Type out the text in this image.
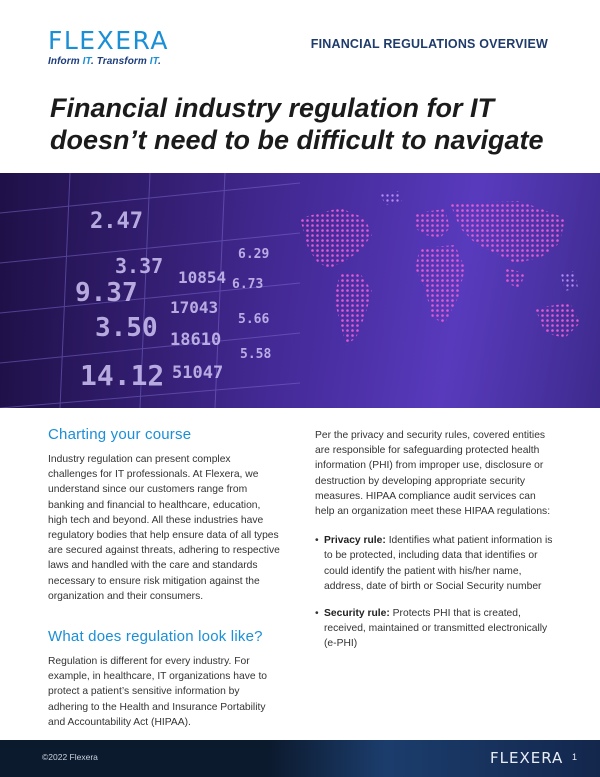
FLEXERA
Inform IT. Transform IT.
FINANCIAL REGULATIONS OVERVIEW
Financial industry regulation for IT doesn’t need to be difficult to navigate
2.47
3.37
9.37
3.50
14.12
10854
17043
18610
51047
6.29
6.73
5.66
5.58
Charting your course

Industry regulation can present complex challenges for IT professionals. At Flexera, we understand since our customers range from banking and financial to healthcare, education, high tech and beyond. All these industries have regulatory bodies that help ensure data of all types are secured against threats, adhering to respective laws and handled with the care and standards necessary to ensure risk mitigation against the organization and their consumers.

What does regulation look like?

Regulation is different for every industry. For example, in healthcare, IT organizations have to protect a patient’s sensitive information by adhering to the Health and Insurance Portability and Accountability Act (HIPAA).

Per the privacy and security rules, covered entities are responsible for safeguarding protected health information (PHI) from improper use, disclosure or destruction by developing appropriate security measures. HIPAA compliance audit services can help an organization meet these HIPAA regulations:

• Privacy rule: Identifies what patient information is to be protected, including data that identifies or could identify the patient with his/her name, address, date of birth or Social Security number
• Security rule: Protects PHI that is created, received, maintained or transmitted electronically (e-PHI)
©2022 Flexera	FLEXERA 1
